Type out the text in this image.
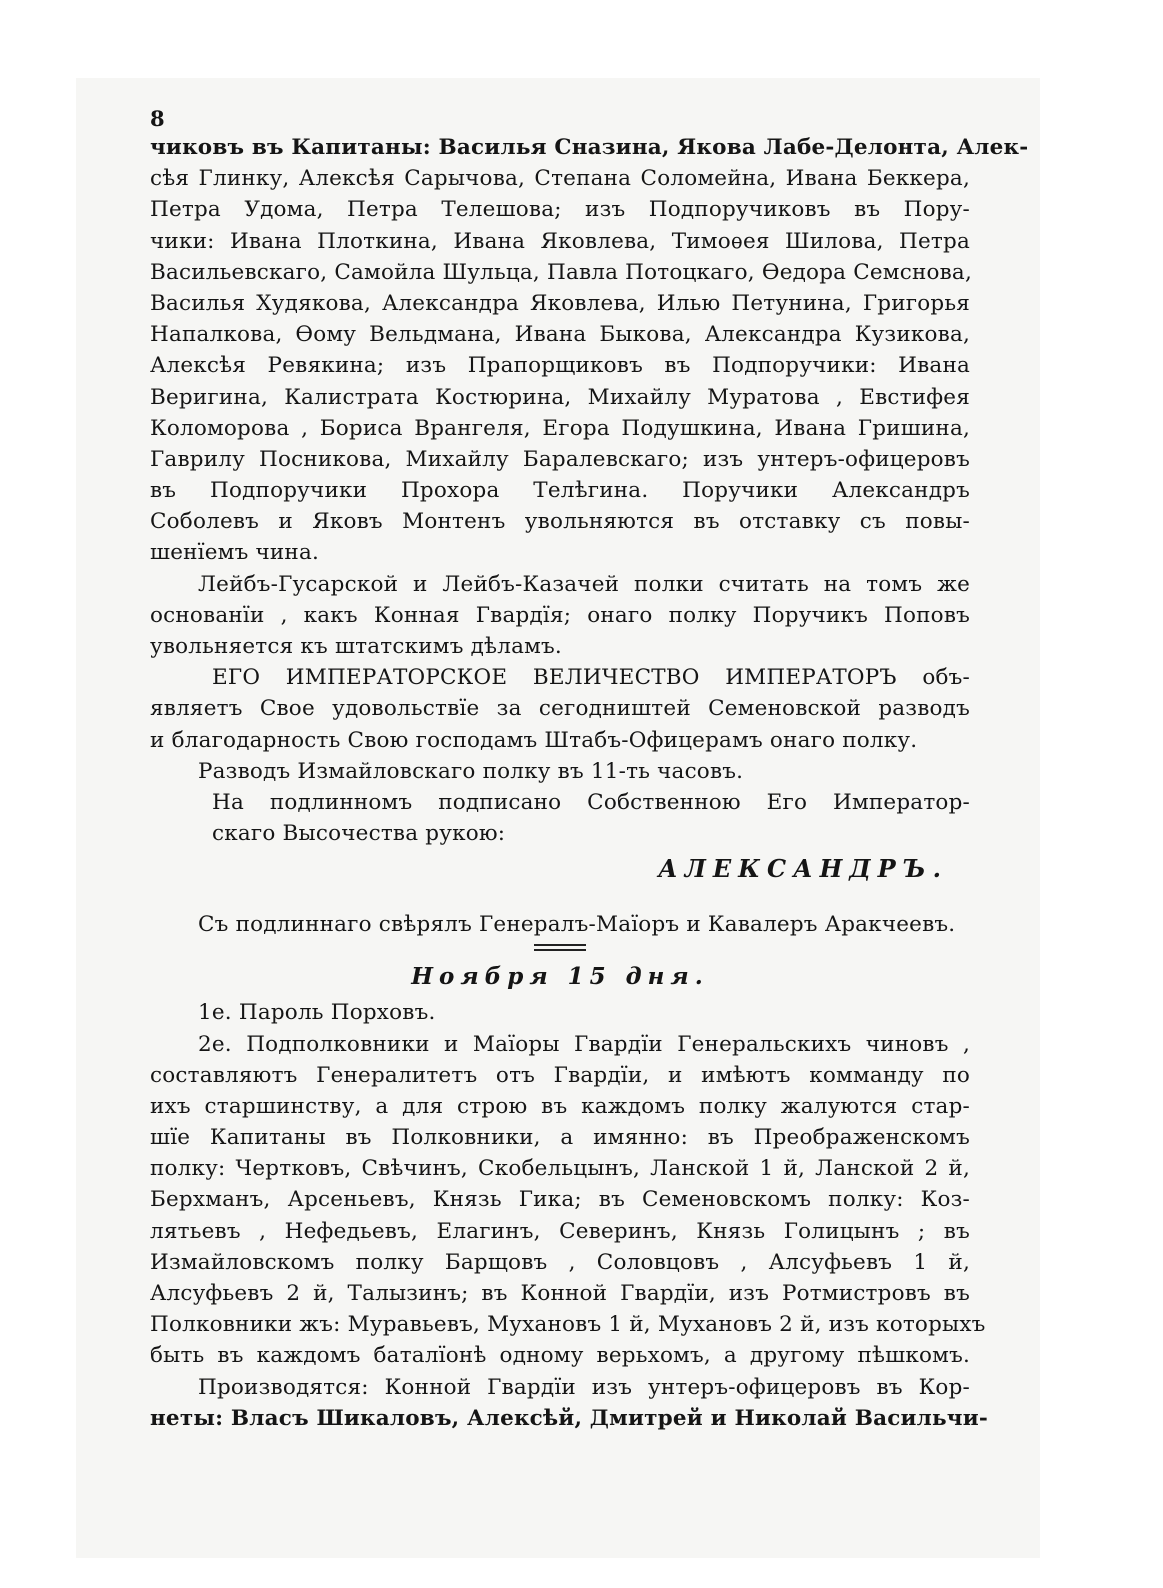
8
чиковъ въ Капитаны: Василья Сназина, Якова Лабе-Делонта, Алек-
сѣя Глинку, Алексѣя Сарычова, Степана Соломейна, Ивана Беккера,
Петра Удома, Петра Телешова; изъ Подпоручиковъ въ Пору-
чики: Ивана Плоткина, Ивана Яковлева, Тимоѳея Шилова, Петра
Васильевскаго, Самойла Шульца, Павла Потоцкаго, Ѳедора Семснова,
Василья Худякова, Александра Яковлева, Илью Петунина, Григорья
Напалкова, Ѳому Вельдмана, Ивана Быкова, Александра Кузикова,
Алексѣя Ревякина; изъ Прапорщиковъ въ Подпоручики: Ивана
Веригина, Калистрата Костюрина, Михайлу Муратова , Евстифея
Коломорова , Бориса Врангеля, Егора Подушкина, Ивана Гришина,
Гаврилу Посникова, Михайлу Баралевскаго; изъ унтеръ-офицеровъ
въ Подпоручики Прохора Телѣгина. Поручики Александръ
Соболевъ и Яковъ Монтенъ увольняются въ отставку съ повы-
шенїемъ чина.
Лейбъ-Гусарской и Лейбъ-Казачей полки считать на томъ же
основанїи , какъ Конная Гвардїя; онаго полку Поручикъ Поповъ
увольняется къ штатскимъ дѣламъ.
ЕГО ИМПЕРАТОРСКОЕ ВЕЛИЧЕСТВО ИМПЕРАТОРЪ объ-
являетъ Свое удовольствїе за сегодништей Семеновской разводъ
и благодарность Свою господамъ Штабъ-Офицерамъ онаго полку.
Разводъ Измайловскаго полку въ 11-ть часовъ.
На подлинномъ подписано Собственною Его Император-
скаго Высочества рукою:
АЛЕКСАНДРЪ.
Съ подлиннаго свѣрялъ Генералъ-Маїоръ и Кавалеръ Аракчеевъ.
Ноября 15 дня.
1е. Пароль Порховъ.
2е. Подполковники и Маїоры Гвардїи Генеральскихъ чиновъ ,
составляютъ Генералитетъ отъ Гвардїи, и имѣютъ комманду по
ихъ старшинству, а для строю въ каждомъ полку жалуются стар-
шїе Капитаны въ Полковники, а имянно: въ Преображенскомъ
полку: Чертковъ, Свѣчинъ, Скобельцынъ, Ланской 1 й, Ланской 2 й,
Берхманъ, Арсеньевъ, Князь Гика; въ Семеновскомъ полку: Коз-
лятьевъ , Нефедьевъ, Елагинъ, Северинъ, Князь Голицынъ ; въ
Измайловскомъ полку Барщовъ , Соловцовъ , Алсуфьевъ 1 й,
Алсуфьевъ 2 й, Талызинъ; въ Конной Гвардїи, изъ Ротмистровъ въ
Полковники жъ: Муравьевъ, Мухановъ 1 й, Мухановъ 2 й, изъ которыхъ
быть въ каждомъ баталїонѣ одному верьхомъ, а другому пѣшкомъ.
Производятся: Конной Гвардїи изъ унтеръ-офицеровъ въ Кор-
неты: Власъ Шикаловъ, Алексѣй, Дмитрей и Николай Васильчи-
